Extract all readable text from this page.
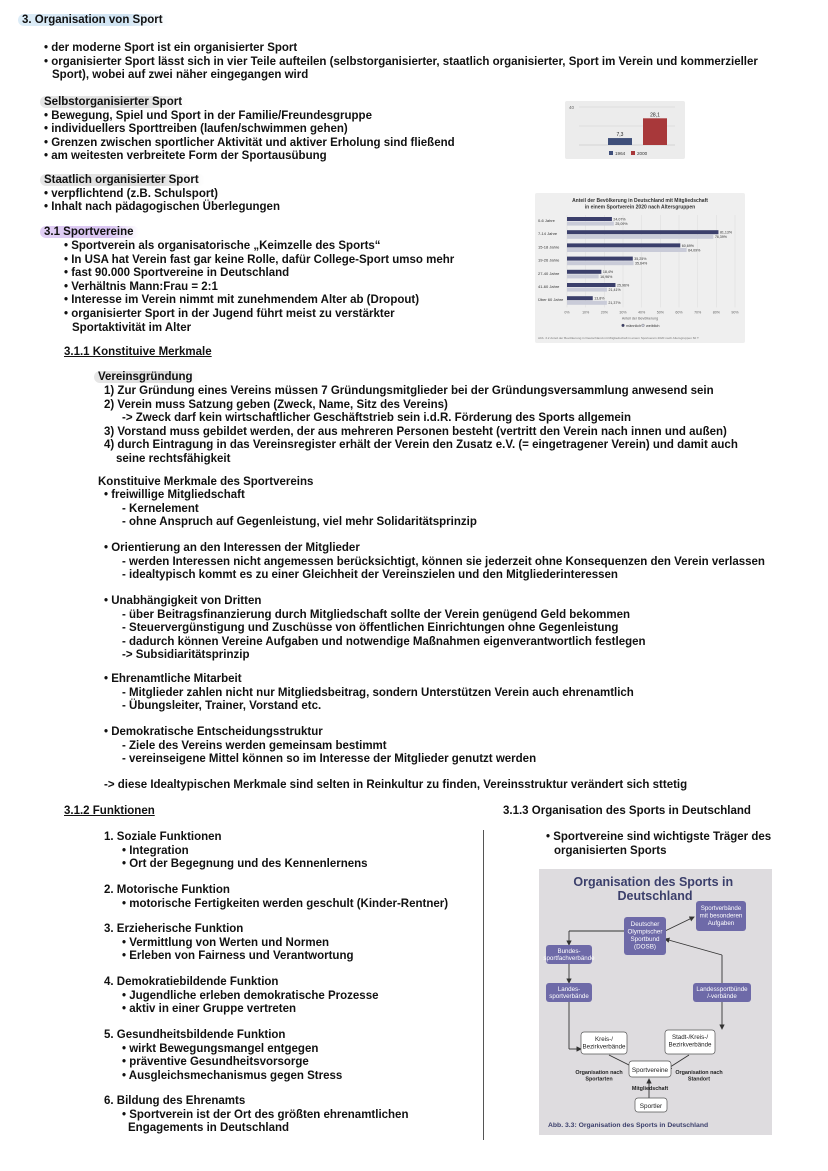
3. Organisation von Sport
• der moderne Sport ist ein organisierter Sport
• organisierter Sport lässt sich in vier Teile aufteilen (selbstorganisierter, staatlich organisierter, Sport im Verein und kommerzieller
Sport), wobei auf zwei näher eingegangen wird
Selbstorganisierter Sport
• Bewegung, Spiel und Sport in der Familie/Freundesgruppe
• individuellers Sporttreiben (laufen/schwimmen gehen)
• Grenzen zwischen sportlicher Aktivität und aktiver Erholung sind fließend
• am weitesten verbreitete Form der Sportausübung
Staatlich organisierter Sport
• verpflichtend (z.B. Schulsport)
• Inhalt nach pädagogischen Überlegungen
3.1 Sportvereine
• Sportverein als organisatorische „Keimzelle des Sports“
• In USA hat Verein fast gar keine Rolle, dafür College-Sport umso mehr
• fast 90.000 Sportvereine in Deutschland
• Verhältnis Mann:Frau = 2:1
• Interesse im Verein nimmt mit zunehmendem Alter ab (Dropout)
• organisierter Sport in der Jugend führt meist zu verstärkter
Sportaktivität im Alter
40
7,3
1964
28,1
2000
Anteil der Bevölkerung in Deutschland mit Mitgliedschaft
in einem Sportverein 2020 nach Altersgruppen
0%	10%	20%	30%	40%	50%	60%	70%	80%	90%
Anteil der Bevölkerung
0-6 Jahre	24,07%
25,09%
7-14 Jahre	81,13%
78,39%
15-18 Jahre	60,69%
64,09%
19-26 Jahre	35,25%
35,64%
27-40 Jahre	18,4%
16,96%
41-60 Jahre	25,96%
21,41%
Über 60 Jahre	13,8%
21,37%
männlich weiblich
Abb. 3.2 Anteil der Bevölkerung in Deutschland mit Mitgliedschaft in einem Sportverein 2020 nach Altersgruppen 60 T
3.1.1 Konstituive Merkmale
Vereinsgründung
1) Zur Gründung eines Vereins müssen 7 Gründungsmitglieder bei der Gründungsversammlung anwesend sein
2) Verein muss Satzung geben (Zweck, Name, Sitz des Vereins)
-> Zweck darf kein wirtschaftlicher Geschäftstrieb sein i.d.R. Förderung des Sports allgemein
3) Vorstand muss gebildet werden, der aus mehreren Personen besteht (vertritt den Verein nach innen und außen)
4) durch Eintragung in das Vereinsregister erhält der Verein den Zusatz e.V. (= eingetragener Verein) und damit auch
seine rechtsfähigkeit
Konstituive Merkmale des Sportvereins
• freiwillige Mitgliedschaft
- Kernelement
- ohne Anspruch auf Gegenleistung, viel mehr Solidaritätsprinzip
• Orientierung an den Interessen der Mitglieder
- werden Interessen nicht angemessen berücksichtigt, können sie jederzeit ohne Konsequenzen den Verein verlassen
- idealtypisch kommt es zu einer Gleichheit der Vereinszielen und den Mitgliederinteressen
• Unabhängigkeit von Dritten
- über Beitragsfinanzierung durch Mitgliedschaft sollte der Verein genügend Geld bekommen
- Steuervergünstigung und Zuschüsse von öffentlichen Einrichtungen ohne Gegenleistung
- dadurch können Vereine Aufgaben und notwendige Maßnahmen eigenverantwortlich festlegen
-> Subsidiaritätsprinzip
• Ehrenamtliche Mitarbeit
- Mitglieder zahlen nicht nur Mitgliedsbeitrag, sondern Unterstützen Verein auch ehrenamtlich
- Übungsleiter, Trainer, Vorstand etc.
• Demokratische Entscheidungsstruktur
- Ziele des Vereins werden gemeinsam bestimmt
- vereinseigene Mittel können so im Interesse der Mitglieder genutzt werden
-> diese Idealtypischen Merkmale sind selten in Reinkultur zu finden, Vereinsstruktur verändert sich sttetig
3.1.2 Funktionen
1. Soziale Funktionen
• Integration
• Ort der Begegnung und des Kennenlernens
2. Motorische Funktion
• motorische Fertigkeiten werden geschult (Kinder-Rentner)
3. Erzieherische Funktion
• Vermittlung von Werten und Normen
• Erleben von Fairness und Verantwortung
4. Demokratiebildende Funktion
• Jugendliche erleben demokratische Prozesse
• aktiv in einer Gruppe vertreten
5. Gesundheitsbildende Funktion
• wirkt Bewegungsmangel entgegen
• präventive Gesundheitsvorsorge
• Ausgleichsmechanismus gegen Stress
6. Bildung des Ehrenamts
• Sportverein ist der Ort des größten ehrenamtlichen
Engagements in Deutschland
3.1.3 Organisation des Sports in Deutschland
• Sportvereine sind wichtigste Träger des
organisierten Sports
Organisation des Sports in Deutschland
Deutscher Olympischer Sportbund (DOSB)
Sportverbände mit besonderen Aufgaben
Bundes-sportfachverbände
Landes-sportverbände
Landessportbünde /-verbände
Kreis-/ Bezirkverbände
Stadt-/Kreis-/ Bezirkverbände
Sportvereine
Organisation nach Sportarten
Organisation nach Standort
Mitgliedschaft
Sportler
Abb. 3.3: Organisation des Sports in Deutschland
